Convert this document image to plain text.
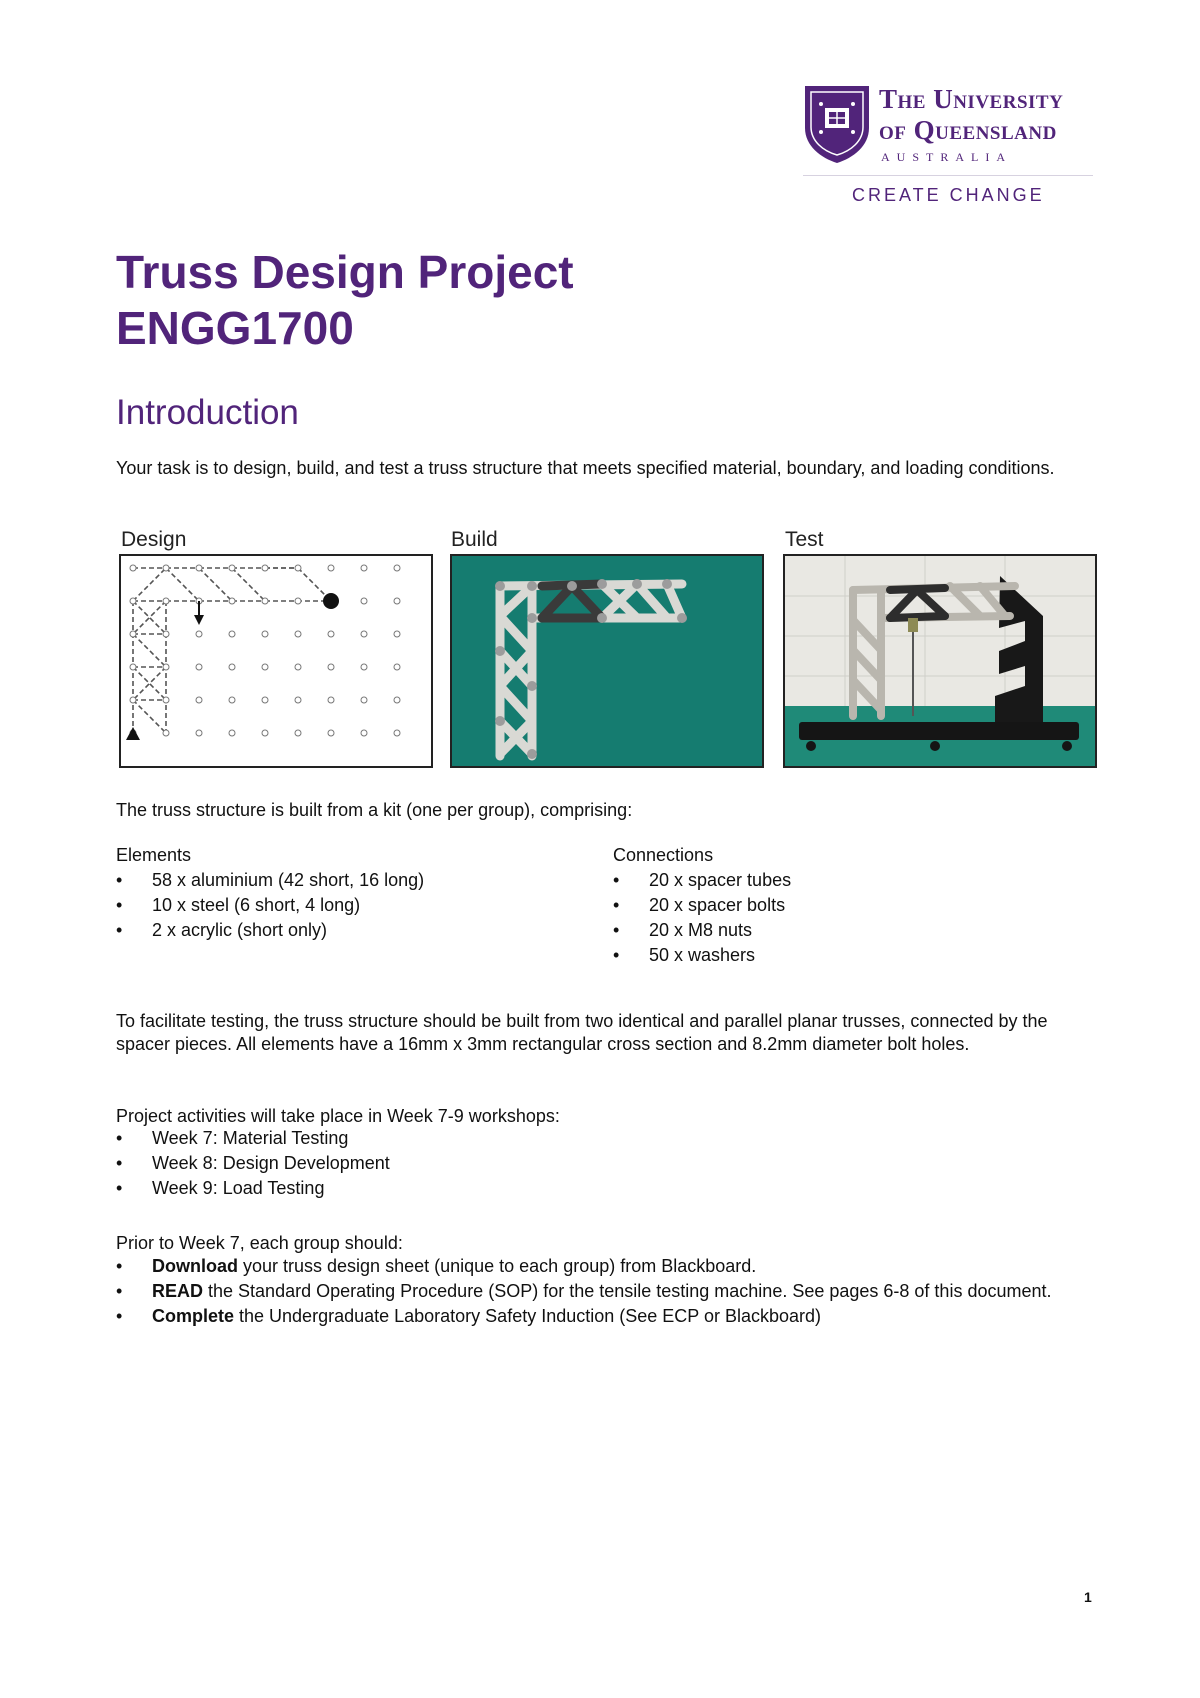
The University
of Queensland
AUSTRALIA
CREATE CHANGE
Truss Design Project
ENGG1700
Introduction

Your task is to design, build, and test a truss structure that meets specified material, boundary, and loading conditions.

Design	Build	Test

The truss structure is built from a kit (one per group), comprising:

Elements	Connections
• 58 x aluminium (42 short, 16 long)
• 10 x steel (6 short, 4 long)
• 2 x acrylic (short only)
• 20 x spacer tubes
• 20 x spacer bolts
• 20 x M8 nuts
• 50 x washers

To facilitate testing, the truss structure should be built from two identical and parallel planar trusses, connected by the spacer pieces. All elements have a 16mm x 3mm rectangular cross section and 8.2mm diameter bolt holes.

Project activities will take place in Week 7-9 workshops:

• Week 7: Material Testing
• Week 8: Design Development
• Week 9: Load Testing

Prior to Week 7, each group should:

• Download your truss design sheet (unique to each group) from Blackboard.
• READ the Standard Operating Procedure (SOP) for the tensile testing machine. See pages 6-8 of this document.
• Complete the Undergraduate Laboratory Safety Induction (See ECP or Blackboard)
1
